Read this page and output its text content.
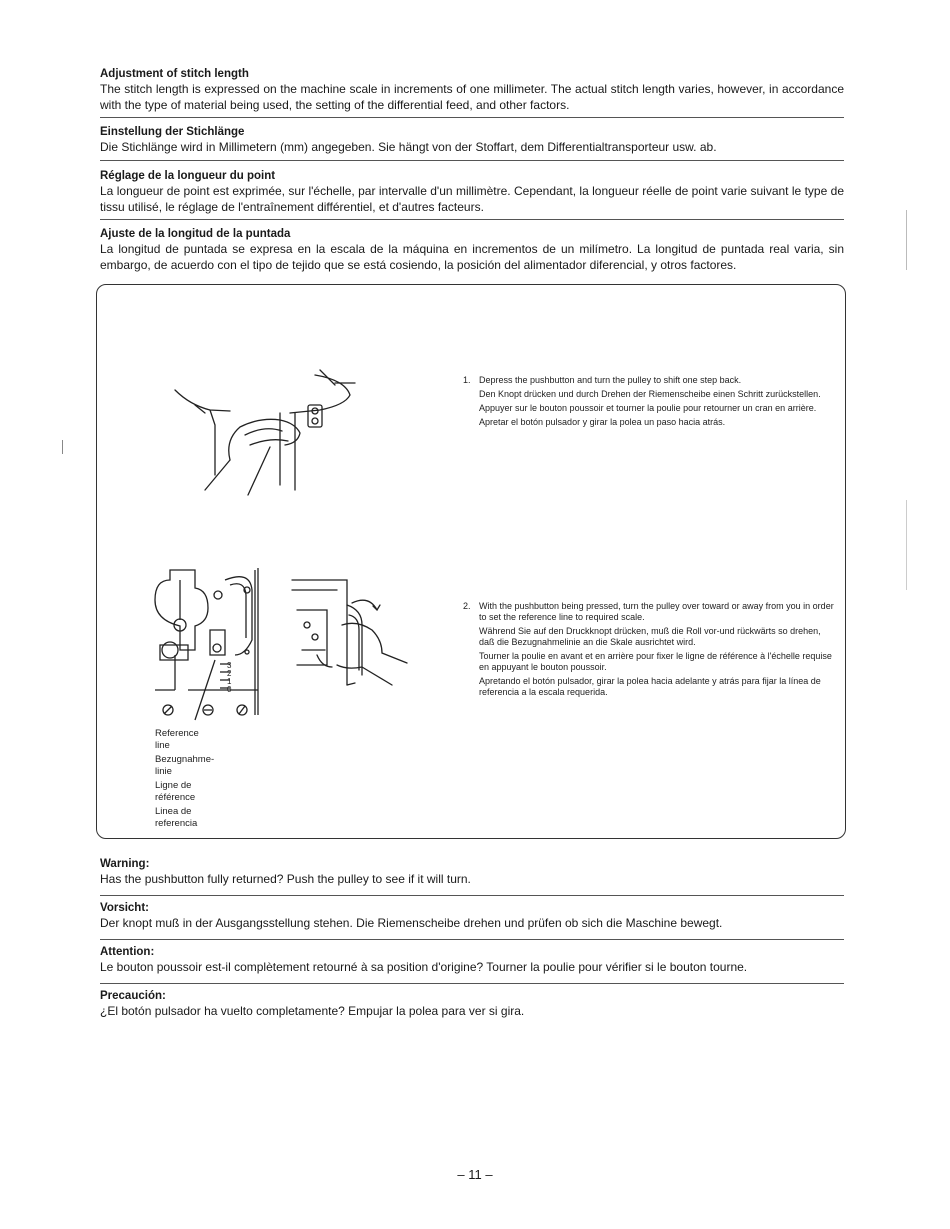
Adjustment of stitch length

The stitch length is expressed on the machine scale in increments of one millimeter. The actual stitch length varies, however, in accordance with the type of material being used, the setting of the differential feed, and other factors.

Einstellung der Stichlänge

Die Stichlänge wird in Millimetern (mm) angegeben. Sie hängt von der Stoffart, dem Differentialtransporteur usw. ab.

Réglage de la longueur du point

La longueur de point est exprimée, sur l'échelle, par intervalle d'un millimètre. Cependant, la longueur réelle de point varie suivant le type de tissu utilisé, le réglage de l'entraînement différentiel, et d'autres facteurs.

Ajuste de la longitud de la puntada

La longitud de puntada se expresa en la escala de la máquina en incrementos de un milímetro. La longitud de puntada real varia, sin embargo, de acuerdo con el tipo de tejido que se está cosiendo, la posición del alimentador diferencial, y otros factores.

3
2
1
0
1. Depress the pushbutton and turn the pulley to shift one step back.

Den Knopt drücken und durch Drehen der Riemenscheibe einen Schritt zurückstellen.

Appuyer sur le bouton poussoir et tourner la poulie pour retourner un cran en arrière.

Apretar el botón pulsador y girar la polea un paso hacia atrás.

2. With the pushbutton being pressed, turn the pulley over toward or away from you in order to set the reference line to required scale.

Während Sie auf den Druckknopt drücken, muß die Roll vor-und rückwärts so drehen, daß die Bezugnahmelinie an die Skale ausrichtet wird.

Tourner la poulie en avant et en arrière pour fixer le ligne de référence à l'échelle requise en appuyant le bouton poussoir.

Apretando el botón pulsador, girar la polea hacia adelante y atrás para fijar la línea de referencia a la escala requerida.

Reference line
Bezugnahme-linie
Ligne de référence
Linea de referencia
Warning:

Has the pushbutton fully returned? Push the pulley to see if it will turn.

Vorsicht:

Der knopt muß in der Ausgangsstellung stehen. Die Riemenscheibe drehen und prüfen ob sich die Maschine bewegt.

Attention:

Le bouton poussoir est-il complètement retourné à sa position d'origine? Tourner la poulie pour vérifier si le bouton tourne.

Precaución:

¿El botón pulsador ha vuelto completamente? Empujar la polea para ver si gira.

– 11 –
